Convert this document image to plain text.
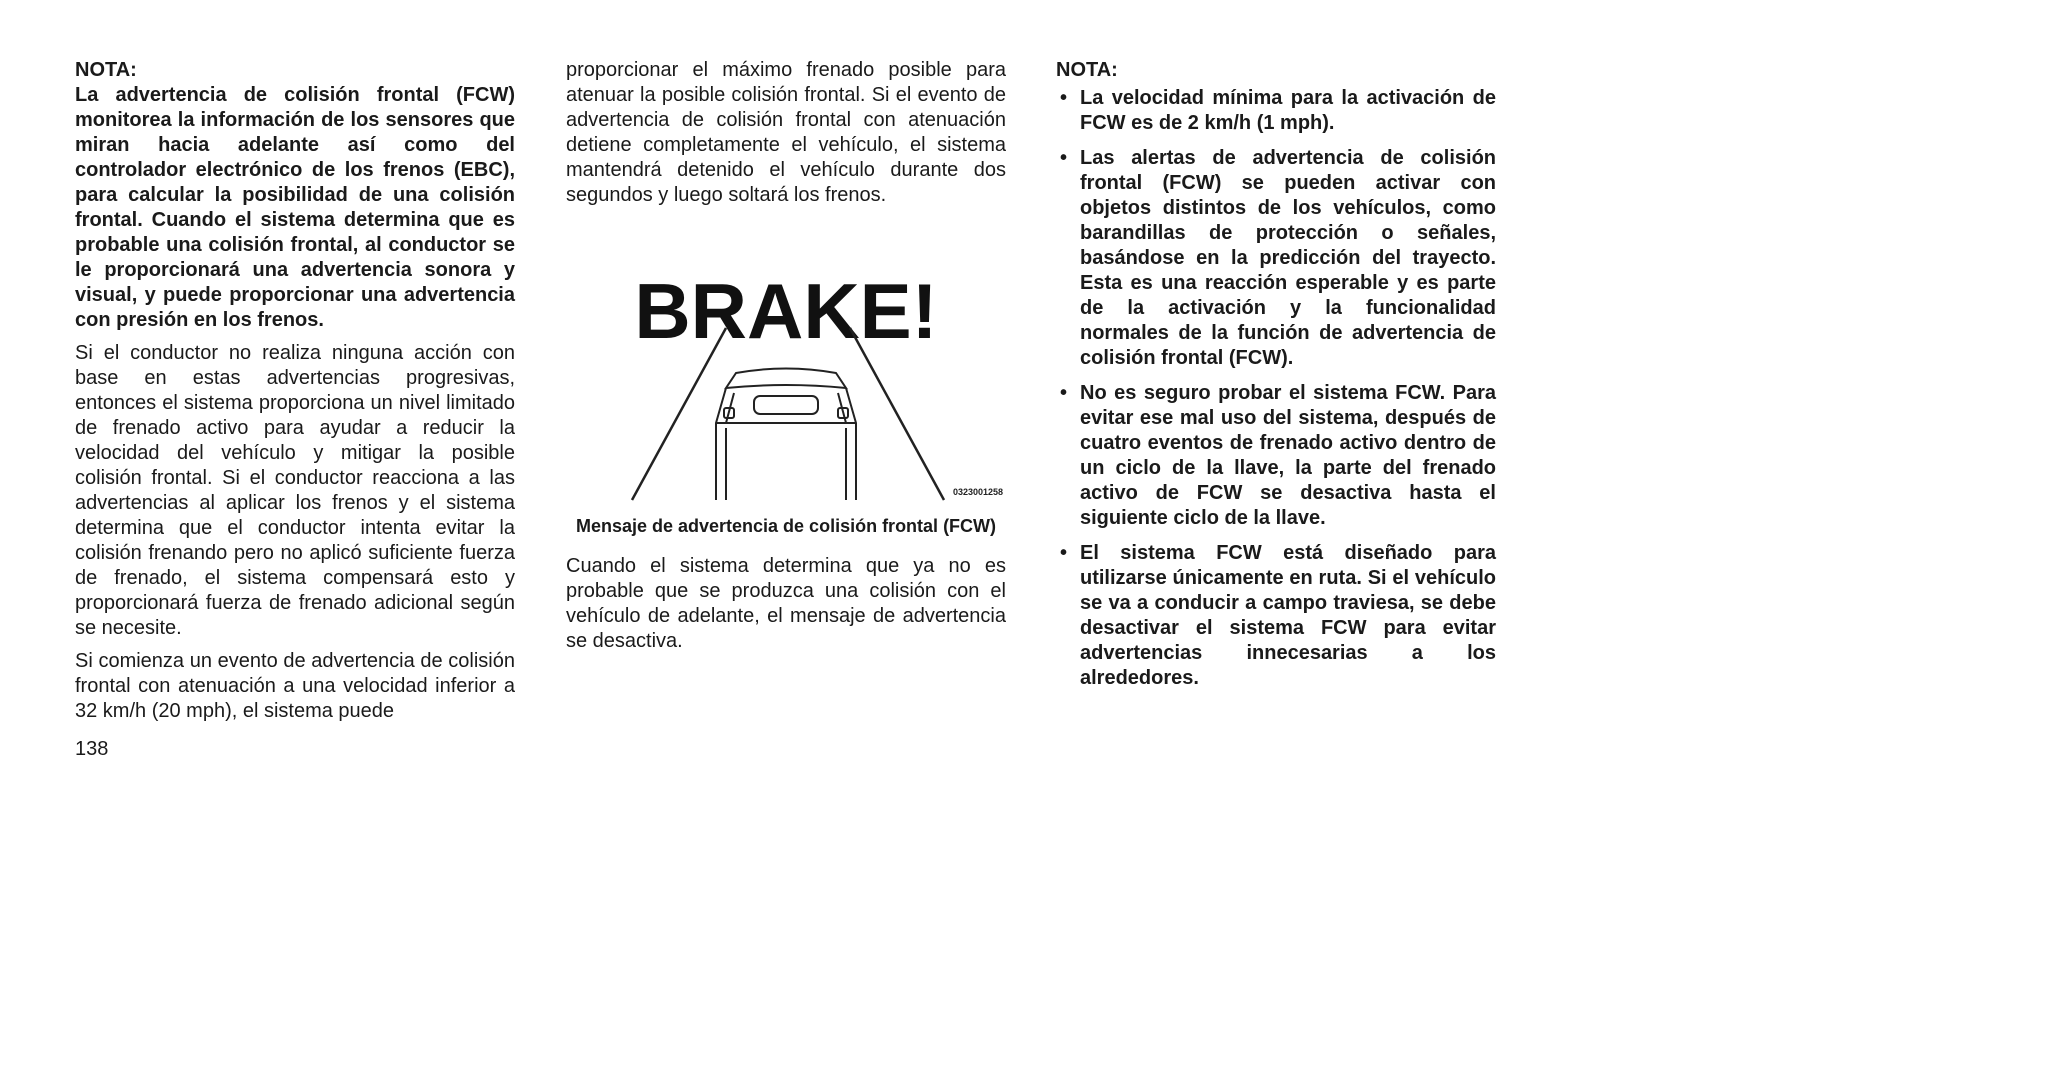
NOTA:

La advertencia de colisión frontal (FCW) monitorea la información de los sensores que miran hacia adelante así como del controlador electrónico de los frenos (EBC), para calcular la posibilidad de una colisión frontal. Cuando el sistema determina que es probable una colisión frontal, al conductor se le proporcionará una advertencia sonora y visual, y puede proporcionar una advertencia con presión en los frenos.

Si el conductor no realiza ninguna acción con base en estas advertencias progresivas, entonces el sistema proporciona un nivel limitado de frenado activo para ayudar a reducir la velocidad del vehículo y mitigar la posible colisión frontal. Si el conductor reacciona a las advertencias al aplicar los frenos y el sistema determina que el conductor intenta evitar la colisión frenando pero no aplicó suficiente fuerza de frenado, el sistema compensará esto y proporcionará fuerza de frenado adicional según se necesite.

Si comienza un evento de advertencia de colisión frontal con atenuación a una velocidad inferior a 32 km/h (20 mph), el sistema puede

proporcionar el máximo frenado posible para atenuar la posible colisión frontal. Si el evento de advertencia de colisión frontal con atenuación detiene completamente el vehículo, el sistema mantendrá detenido el vehículo durante dos segundos y luego soltará los frenos.

BRAKE!
0323001258

Mensaje de advertencia de colisión frontal (FCW)

Cuando el sistema determina que ya no es probable que se produzca una colisión con el vehículo de adelante, el mensaje de advertencia se desactiva.

NOTA:

• La velocidad mínima para la activación de FCW es de 2 km/h (1 mph).
• Las alertas de advertencia de colisión frontal (FCW) se pueden activar con objetos distintos de los vehículos, como barandillas de protección o señales, basándose en la predicción del trayecto. Esta es una reacción esperable y es parte de la activación y la funcionalidad normales de la función de advertencia de colisión frontal (FCW).
• No es seguro probar el sistema FCW. Para evitar ese mal uso del sistema, después de cuatro eventos de frenado activo dentro de un ciclo de la llave, la parte del frenado activo de FCW se desactiva hasta el siguiente ciclo de la llave.
• El sistema FCW está diseñado para utilizarse únicamente en ruta. Si el vehículo se va a conducir a campo traviesa, se debe desactivar el sistema FCW para evitar advertencias innecesarias a los alrededores.

138
